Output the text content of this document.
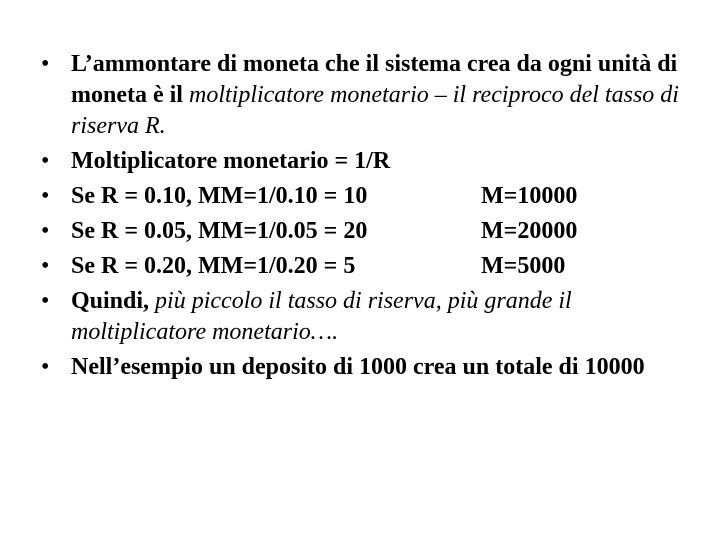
• L’ammontare di moneta che il sistema crea da ogni unità di moneta è il moltiplicatore monetario – il reciproco del tasso di riserva R.
• Moltiplicatore monetario = 1/R
• Se R = 0.10, MM=1/0.10 = 10	M=10000
• Se R = 0.05, MM=1/0.05 = 20	M=20000
• Se R = 0.20, MM=1/0.20 = 5	M=5000
• Quindi, più piccolo il tasso di riserva, più grande il moltiplicatore monetario….
• Nell’esempio un deposito di 1000 crea un totale di 10000
